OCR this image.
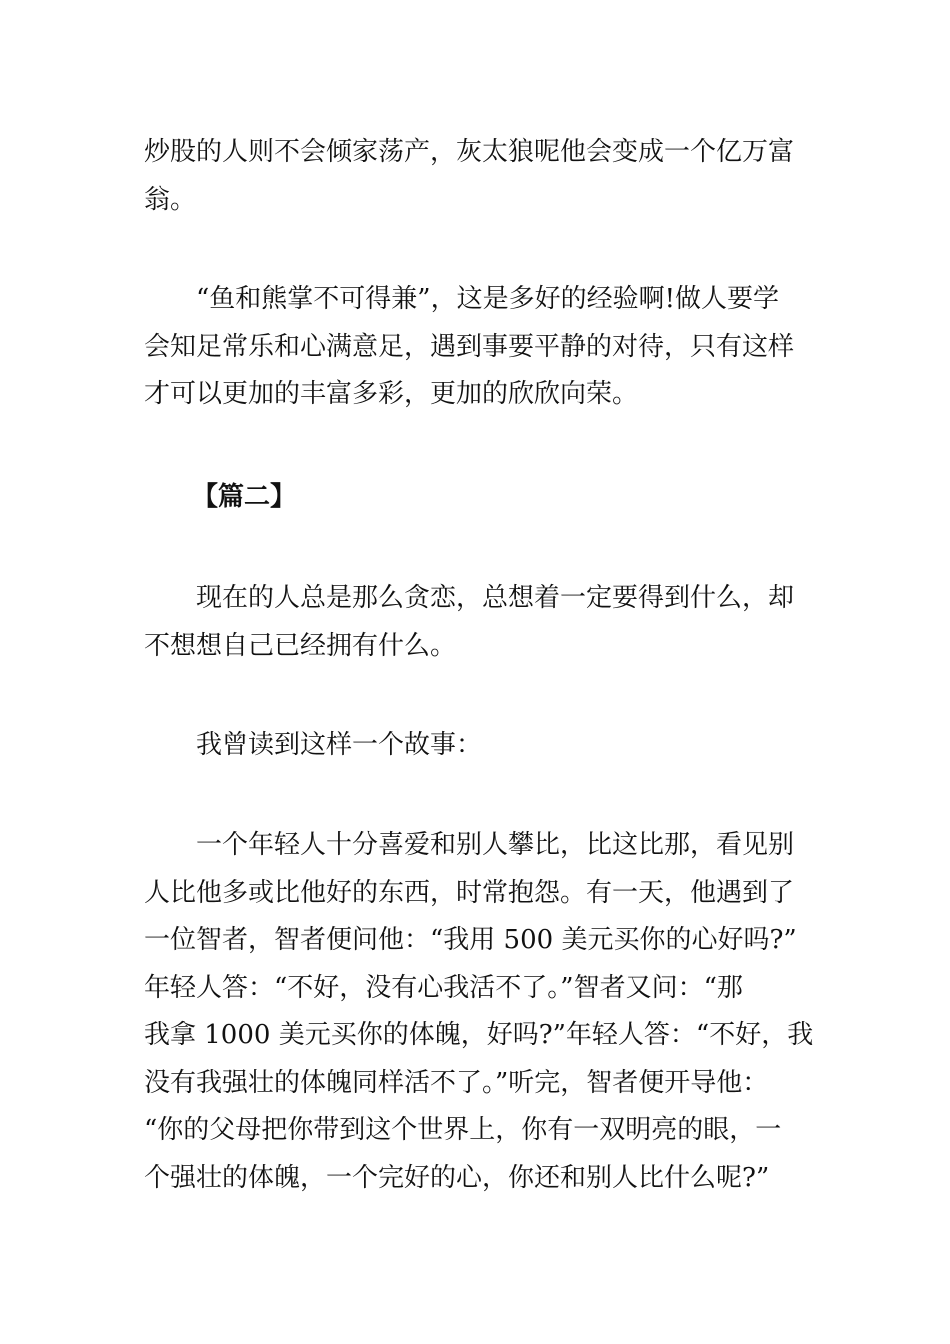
炒股的人则不会倾家荡产，灰太狼呢他会变成一个亿万富
翁。

“鱼和熊掌不可得兼”，这是多好的经验啊!做人要学
会知足常乐和心满意足，遇到事要平静的对待，只有这样
才可以更加的丰富多彩，更加的欣欣向荣。

【篇二】

现在的人总是那么贪恋，总想着一定要得到什么，却
不想想自己已经拥有什么。

我曾读到这样一个故事：

一个年轻人十分喜爱和别人攀比，比这比那，看见别
人比他多或比他好的东西，时常抱怨。有一天，他遇到了
一位智者，智者便问他：“我用 500 美元买你的心好吗?”
年轻人答：“不好，没有心我活不了。”智者又问：“那
我拿 1000 美元买你的体魄，好吗?”年轻人答：“不好，我
没有我强壮的体魄同样活不了。”听完，智者便开导他：
“你的父母把你带到这个世界上，你有一双明亮的眼，一
个强壮的体魄，一个完好的心，你还和别人比什么呢?”
